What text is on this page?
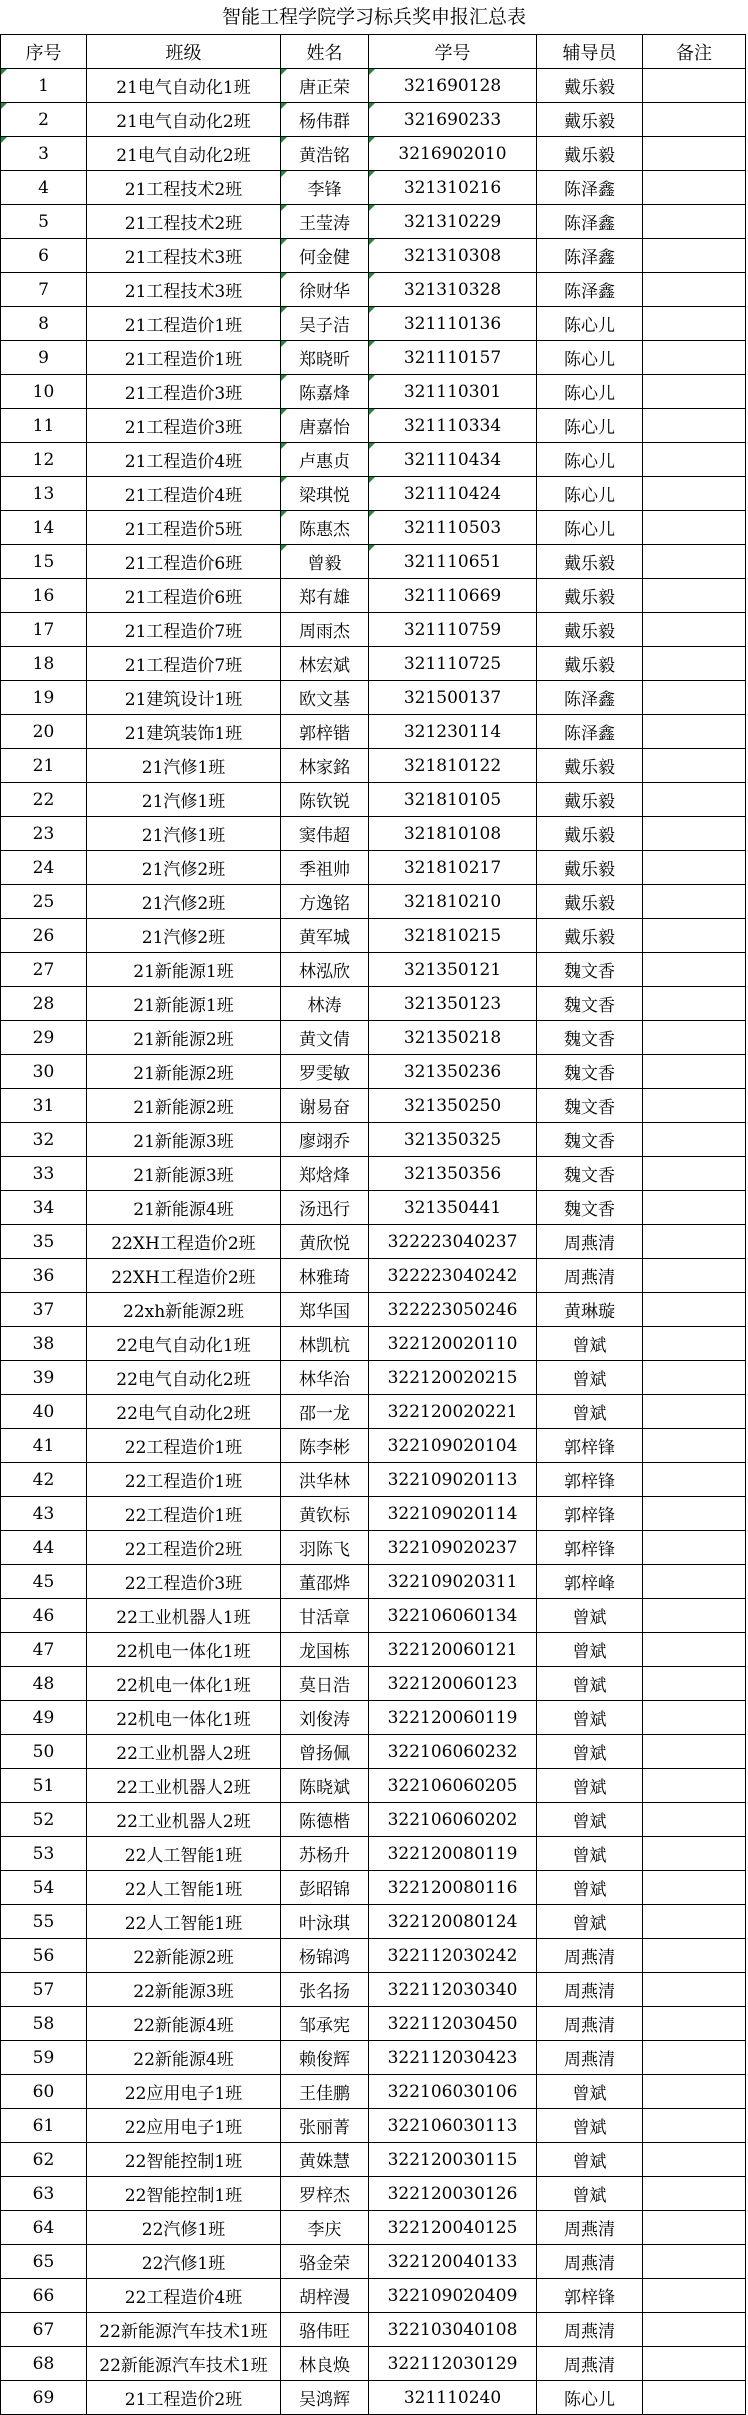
智能工程学院学习标兵奖申报汇总表
序号	班级	姓名	学号	辅导员	备注
1	21电气自动化1班	唐正荣	321690128	戴乐毅	
2	21电气自动化2班	杨伟群	321690233	戴乐毅	
3	21电气自动化2班	黄浩铭	3216902010	戴乐毅	
4	21工程技术2班	李锋	321310216	陈泽鑫	
5	21工程技术2班	王莹涛	321310229	陈泽鑫	
6	21工程技术3班	何金健	321310308	陈泽鑫	
7	21工程技术3班	徐财华	321310328	陈泽鑫	
8	21工程造价1班	吴子洁	321110136	陈心儿	
9	21工程造价1班	郑晓昕	321110157	陈心儿	
10	21工程造价3班	陈嘉烽	321110301	陈心儿	
11	21工程造价3班	唐嘉怡	321110334	陈心儿	
12	21工程造价4班	卢惠贞	321110434	陈心儿	
13	21工程造价4班	梁琪悦	321110424	陈心儿	
14	21工程造价5班	陈惠杰	321110503	陈心儿	
15	21工程造价6班	曾毅	321110651	戴乐毅	
16	21工程造价6班	郑有雄	321110669	戴乐毅	
17	21工程造价7班	周雨杰	321110759	戴乐毅	
18	21工程造价7班	林宏斌	321110725	戴乐毅	
19	21建筑设计1班	欧文基	321500137	陈泽鑫	
20	21建筑装饰1班	郭梓锴	321230114	陈泽鑫	
21	21汽修1班	林家銘	321810122	戴乐毅	
22	21汽修1班	陈钦锐	321810105	戴乐毅	
23	21汽修1班	窦伟超	321810108	戴乐毅	
24	21汽修2班	季祖帅	321810217	戴乐毅	
25	21汽修2班	方逸铭	321810210	戴乐毅	
26	21汽修2班	黄军城	321810215	戴乐毅	
27	21新能源1班	林泓欣	321350121	魏文香	
28	21新能源1班	林涛	321350123	魏文香	
29	21新能源2班	黄文倩	321350218	魏文香	
30	21新能源2班	罗雯敏	321350236	魏文香	
31	21新能源2班	谢易奋	321350250	魏文香	
32	21新能源3班	廖翊乔	321350325	魏文香	
33	21新能源3班	郑焓烽	321350356	魏文香	
34	21新能源4班	汤迅行	321350441	魏文香	
35	22XH工程造价2班	黄欣悦	322223040237	周燕清	
36	22XH工程造价2班	林雅琦	322223040242	周燕清	
37	22xh新能源2班	郑华国	322223050246	黄琳璇	
38	22电气自动化1班	林凯杭	322120020110	曾斌	
39	22电气自动化2班	林华治	322120020215	曾斌	
40	22电气自动化2班	邵一龙	322120020221	曾斌	
41	22工程造价1班	陈李彬	322109020104	郭梓锋	
42	22工程造价1班	洪华林	322109020113	郭梓锋	
43	22工程造价1班	黄钦标	322109020114	郭梓锋	
44	22工程造价2班	羽陈飞	322109020237	郭梓锋	
45	22工程造价3班	董邵烨	322109020311	郭梓峰	
46	22工业机器人1班	甘活章	322106060134	曾斌	
47	22机电一体化1班	龙国栋	322120060121	曾斌	
48	22机电一体化1班	莫日浩	322120060123	曾斌	
49	22机电一体化1班	刘俊涛	322120060119	曾斌	
50	22工业机器人2班	曾扬佩	322106060232	曾斌	
51	22工业机器人2班	陈晓斌	322106060205	曾斌	
52	22工业机器人2班	陈德楷	322106060202	曾斌	
53	22人工智能1班	苏杨升	322120080119	曾斌	
54	22人工智能1班	彭昭锦	322120080116	曾斌	
55	22人工智能1班	叶泳琪	322120080124	曾斌	
56	22新能源2班	杨锦鸿	322112030242	周燕清	
57	22新能源3班	张名扬	322112030340	周燕清	
58	22新能源4班	邹承宪	322112030450	周燕清	
59	22新能源4班	赖俊辉	322112030423	周燕清	
60	22应用电子1班	王佳鹏	322106030106	曾斌	
61	22应用电子1班	张丽菁	322106030113	曾斌	
62	22智能控制1班	黄姝慧	322120030115	曾斌	
63	22智能控制1班	罗梓杰	322120030126	曾斌	
64	22汽修1班	李庆	322120040125	周燕清	
65	22汽修1班	骆金荣	322120040133	周燕清	
66	22工程造价4班	胡梓漫	322109020409	郭梓锋	
67	22新能源汽车技术1班	骆伟旺	322103040108	周燕清	
68	22新能源汽车技术1班	林良焕	322112030129	周燕清	
69	21工程造价2班	吴鸿辉	321110240	陈心儿	
